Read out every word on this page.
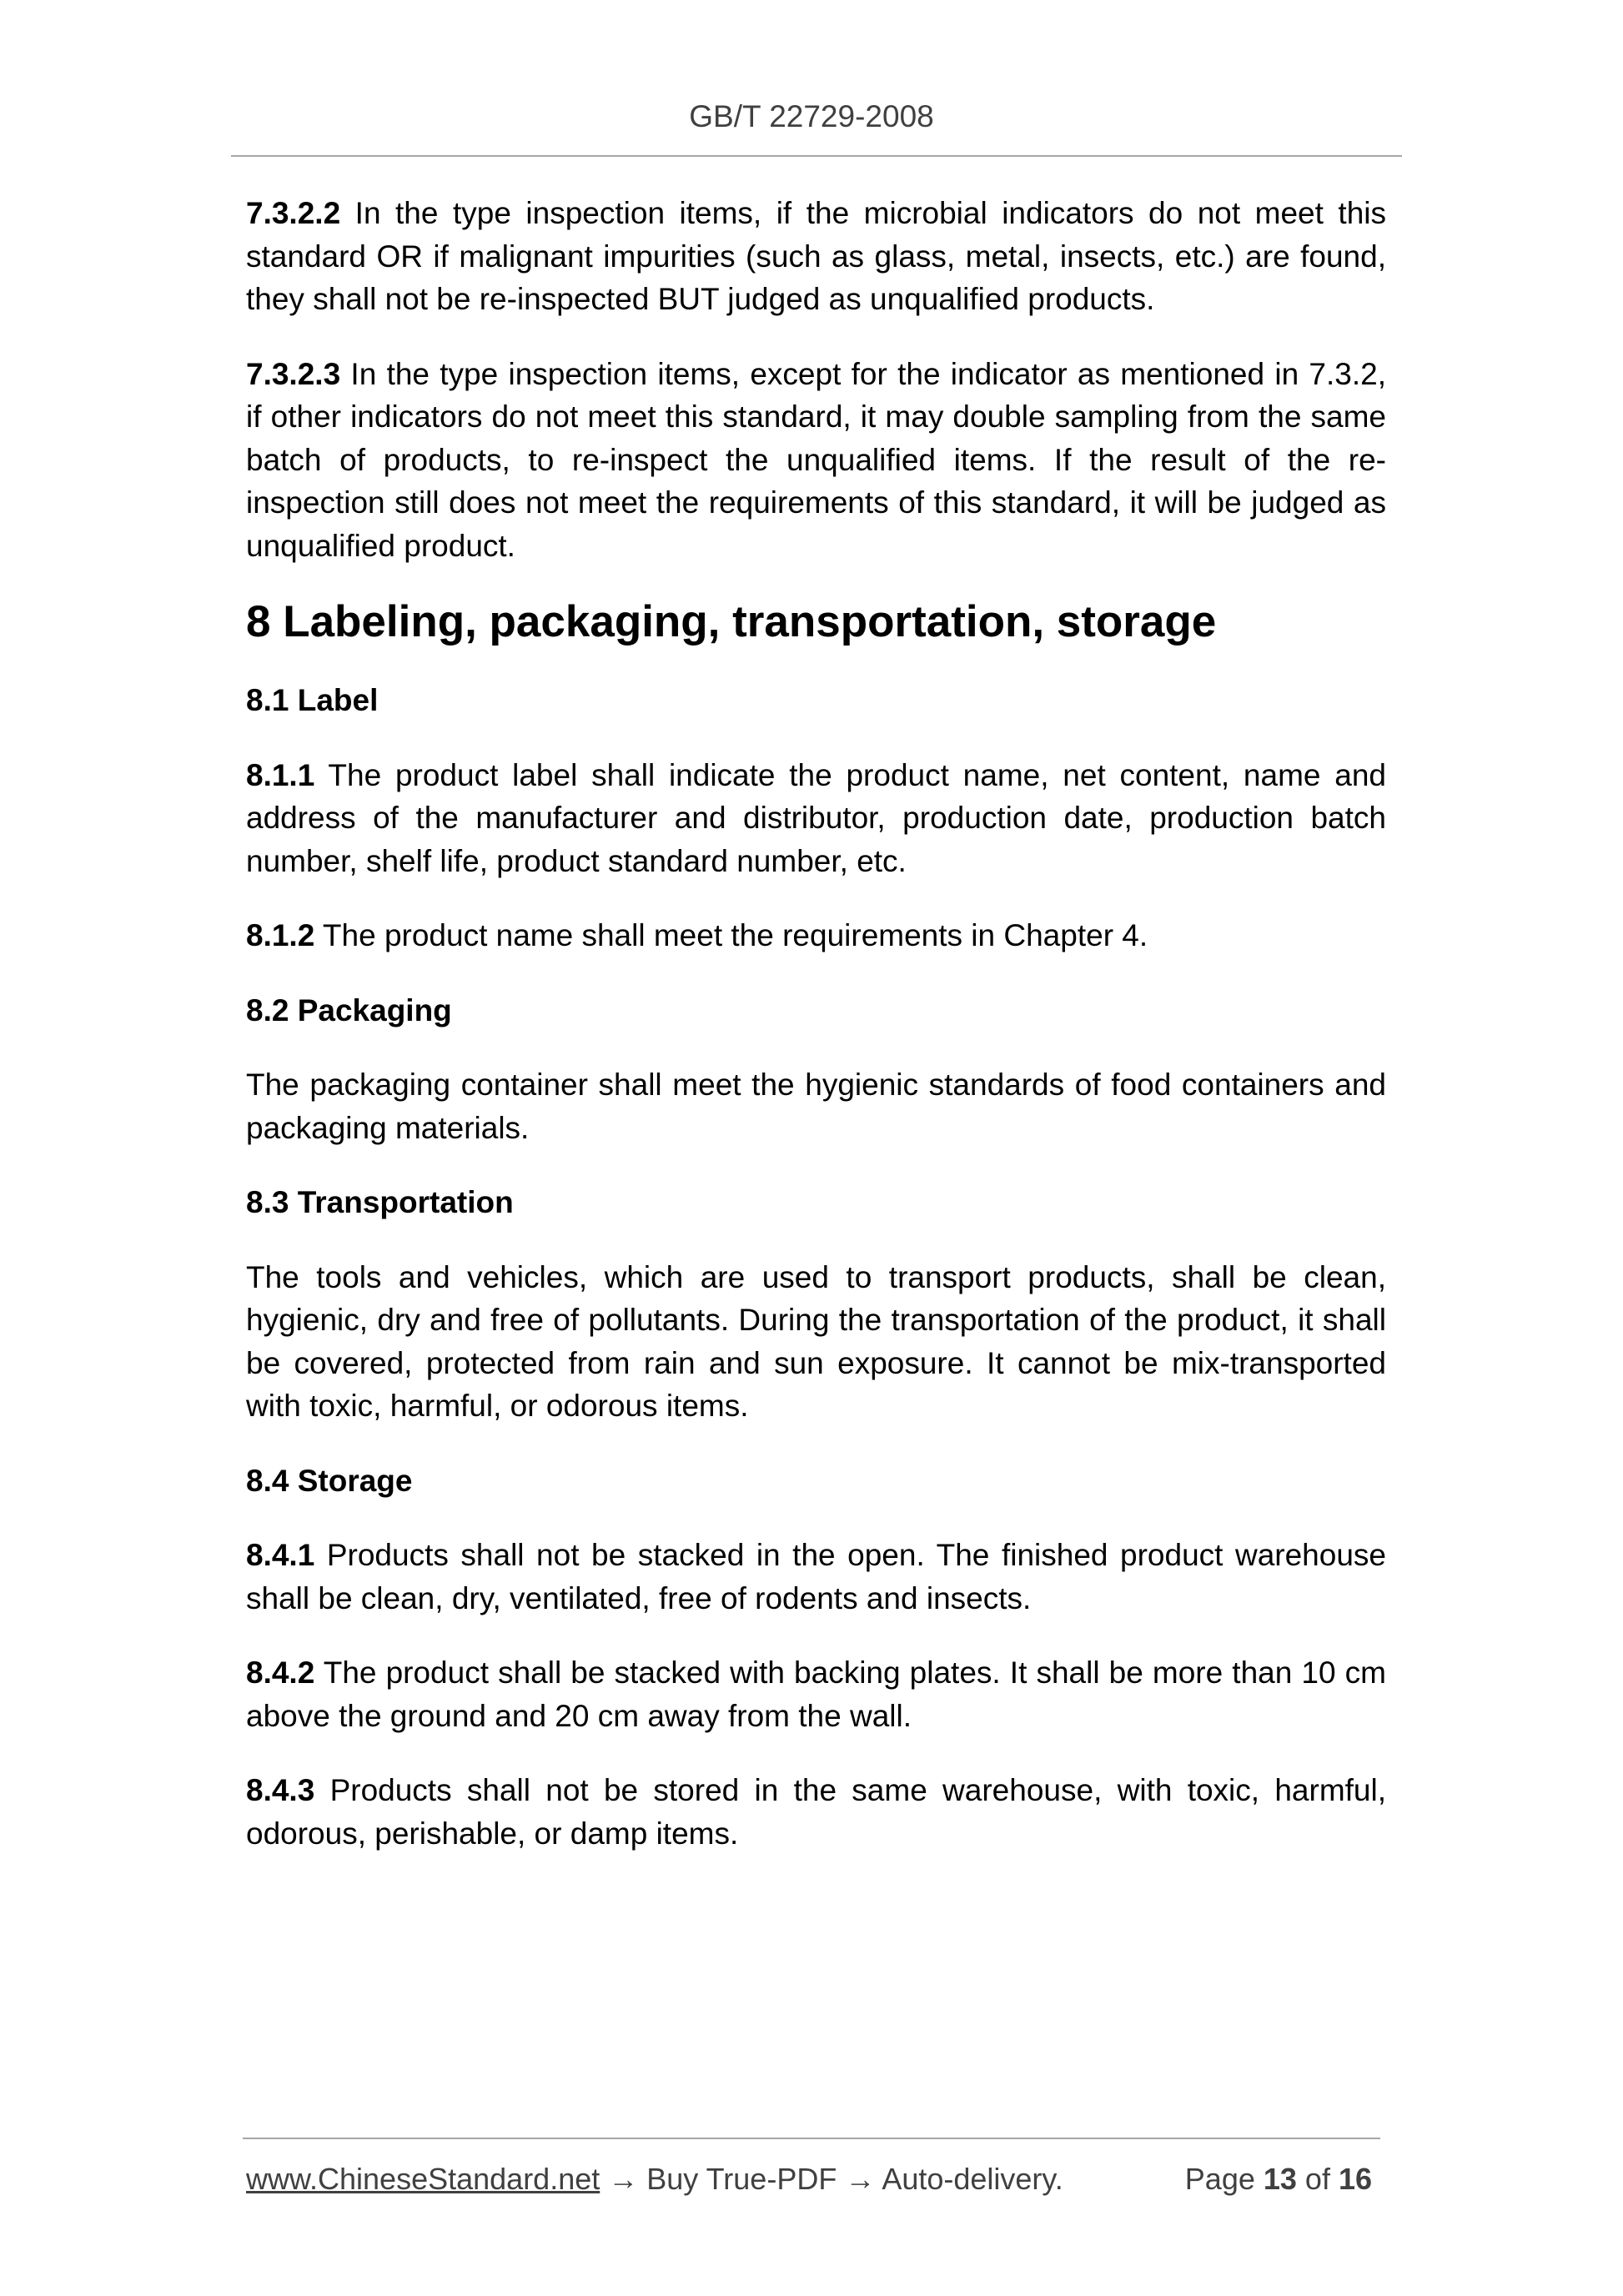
GB/T 22729-2008

7.3.2.2 In the type inspection items, if the microbial indicators do not meet this standard OR if malignant impurities (such as glass, metal, insects, etc.) are found, they shall not be re-inspected BUT judged as unqualified products.

7.3.2.3 In the type inspection items, except for the indicator as mentioned in 7.3.2, if other indicators do not meet this standard, it may double sampling from the same batch of products, to re-inspect the unqualified items. If the result of the re-inspection still does not meet the requirements of this standard, it will be judged as unqualified product.

8 Labeling, packaging, transportation, storage
8.1 Label

8.1.1 The product label shall indicate the product name, net content, name and address of the manufacturer and distributor, production date, production batch number, shelf life, product standard number, etc.

8.1.2 The product name shall meet the requirements in Chapter 4.

8.2 Packaging

The packaging container shall meet the hygienic standards of food containers and packaging materials.

8.3 Transportation

The tools and vehicles, which are used to transport products, shall be clean, hygienic, dry and free of pollutants. During the transportation of the product, it shall be covered, protected from rain and sun exposure. It cannot be mix-transported with toxic, harmful, or odorous items.

8.4 Storage

8.4.1 Products shall not be stacked in the open. The finished product warehouse shall be clean, dry, ventilated, free of rodents and insects.

8.4.2 The product shall be stacked with backing plates. It shall be more than 10 cm above the ground and 20 cm away from the wall.

8.4.3 Products shall not be stored in the same warehouse, with toxic, harmful, odorous, perishable, or damp items.

www.ChineseStandard.net → Buy True-PDF → Auto-delivery.	Page 13 of 16
